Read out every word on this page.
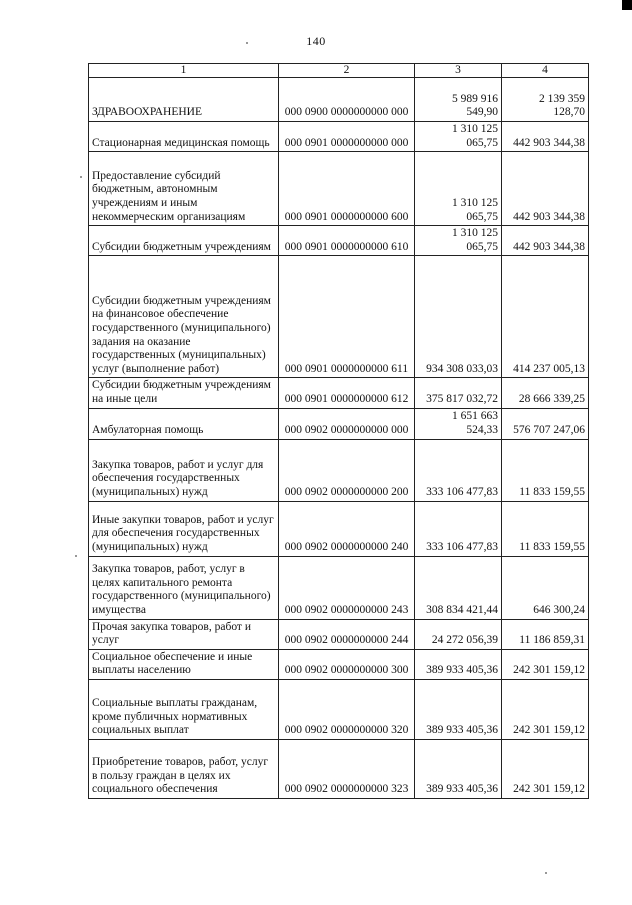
140
1	2	3	4
ЗДРАВООХРАНЕНИЕ	000 0900 0000000000 000	5 989 916 549,90	2 139 359 128,70
Стационарная медицинская помощь	000 0901 0000000000 000	1 310 125 065,75	442 903 344,38
Предоставление субсидий бюджетным, автономным учреждениям и иным некоммерческим организациям	000 0901 0000000000 600	1 310 125 065,75	442 903 344,38
Субсидии бюджетным учреждениям	000 0901 0000000000 610	1 310 125 065,75	442 903 344,38
Субсидии бюджетным учреждениям на финансовое обеспечение государственного (муниципального) задания на оказание государственных (муниципальных) услуг (выполнение работ)	000 0901 0000000000 611	934 308 033,03	414 237 005,13
Субсидии бюджетным учреждениям на иные цели	000 0901 0000000000 612	375 817 032,72	28 666 339,25
Амбулаторная помощь	000 0902 0000000000 000	1 651 663 524,33	576 707 247,06
Закупка товаров, работ и услуг для обеспечения государственных (муниципальных) нужд	000 0902 0000000000 200	333 106 477,83	11 833 159,55
Иные закупки товаров, работ и услуг для обеспечения государственных (муниципальных) нужд	000 0902 0000000000 240	333 106 477,83	11 833 159,55
Закупка товаров, работ, услуг в целях капитального ремонта государственного (муниципального) имущества	000 0902 0000000000 243	308 834 421,44	646 300,24
Прочая закупка товаров, работ и услуг	000 0902 0000000000 244	24 272 056,39	11 186 859,31
Социальное обеспечение и иные выплаты населению	000 0902 0000000000 300	389 933 405,36	242 301 159,12
Социальные выплаты гражданам, кроме публичных нормативных социальных выплат	000 0902 0000000000 320	389 933 405,36	242 301 159,12
Приобретение товаров, работ, услуг в пользу граждан в целях их социального обеспечения	000 0902 0000000000 323	389 933 405,36	242 301 159,12
